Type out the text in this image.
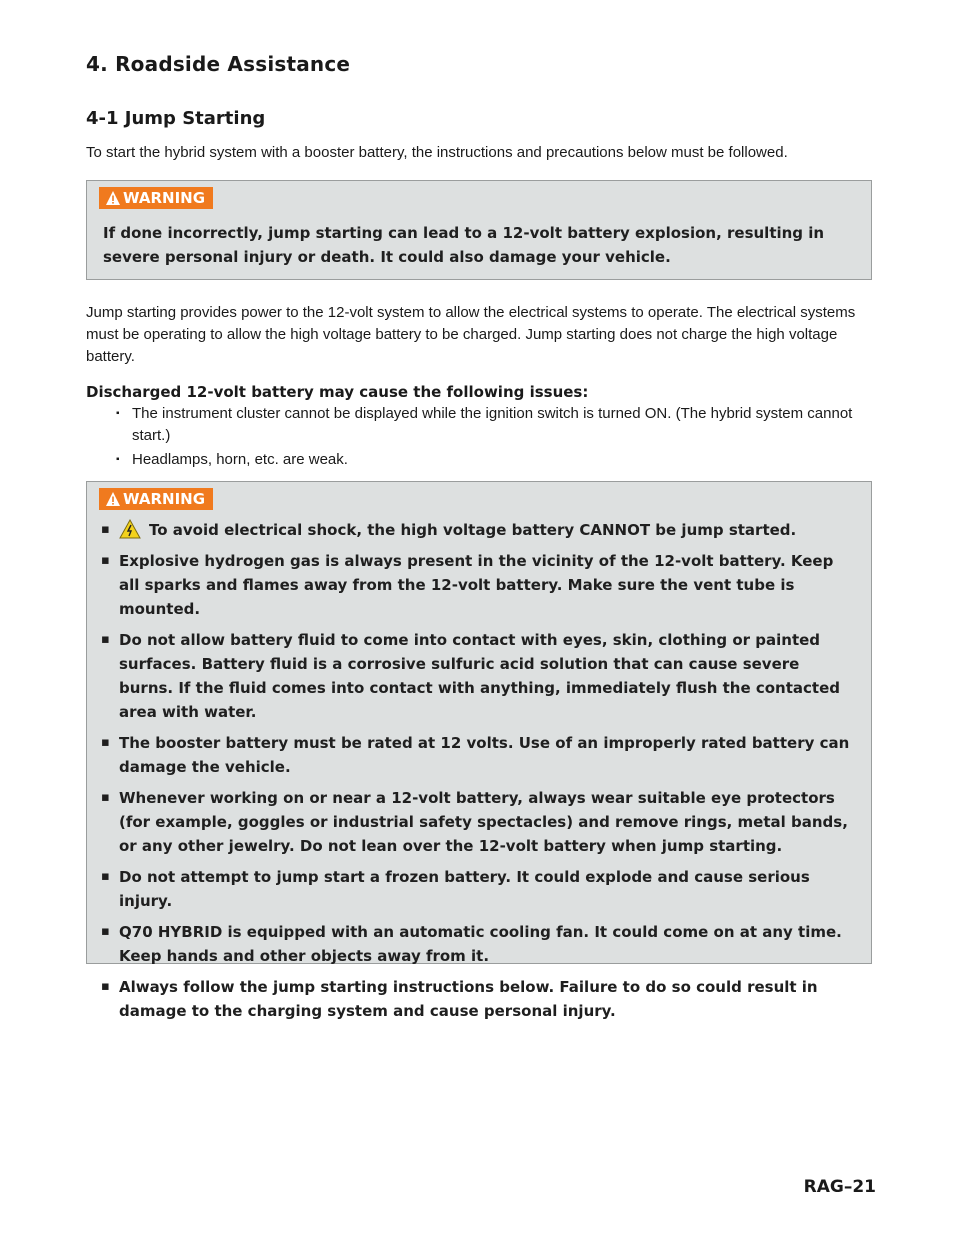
4. Roadside Assistance
4-1 Jump Starting

To start the hybrid system with a booster battery, the instructions and precautions below must be followed.

WARNING

If done incorrectly, jump starting can lead to a 12-volt battery explosion, resulting in severe personal injury or death. It could also damage your vehicle.

Jump starting provides power to the 12-volt system to allow the electrical systems to operate. The electrical systems must be operating to allow the high voltage battery to be charged. Jump starting does not charge the high voltage battery.

Discharged 12-volt battery may cause the following issues:

▪ The instrument cluster cannot be displayed while the ignition switch is turned ON. (The hybrid system cannot start.)
▪ Headlamps, horn, etc. are weak.
WARNING
▪ To avoid electrical shock, the high voltage battery CANNOT be jump started.
▪ Explosive hydrogen gas is always present in the vicinity of the 12-volt battery. Keep all sparks and flames away from the 12-volt battery. Make sure the vent tube is mounted.
▪ Do not allow battery fluid to come into contact with eyes, skin, clothing or painted surfaces. Battery fluid is a corrosive sulfuric acid solution that can cause severe burns. If the fluid comes into contact with anything, immediately flush the contacted area with water.
▪ The booster battery must be rated at 12 volts. Use of an improperly rated battery can damage the vehicle.
▪ Whenever working on or near a 12-volt battery, always wear suitable eye protectors (for example, goggles or industrial safety spectacles) and remove rings, metal bands, or any other jewelry. Do not lean over the 12-volt battery when jump starting.
▪ Do not attempt to jump start a frozen battery. It could explode and cause serious injury.
▪ Q70 HYBRID is equipped with an automatic cooling fan. It could come on at any time. Keep hands and other objects away from it.
▪ Always follow the jump starting instructions below. Failure to do so could result in damage to the charging system and cause personal injury.

RAG–21
